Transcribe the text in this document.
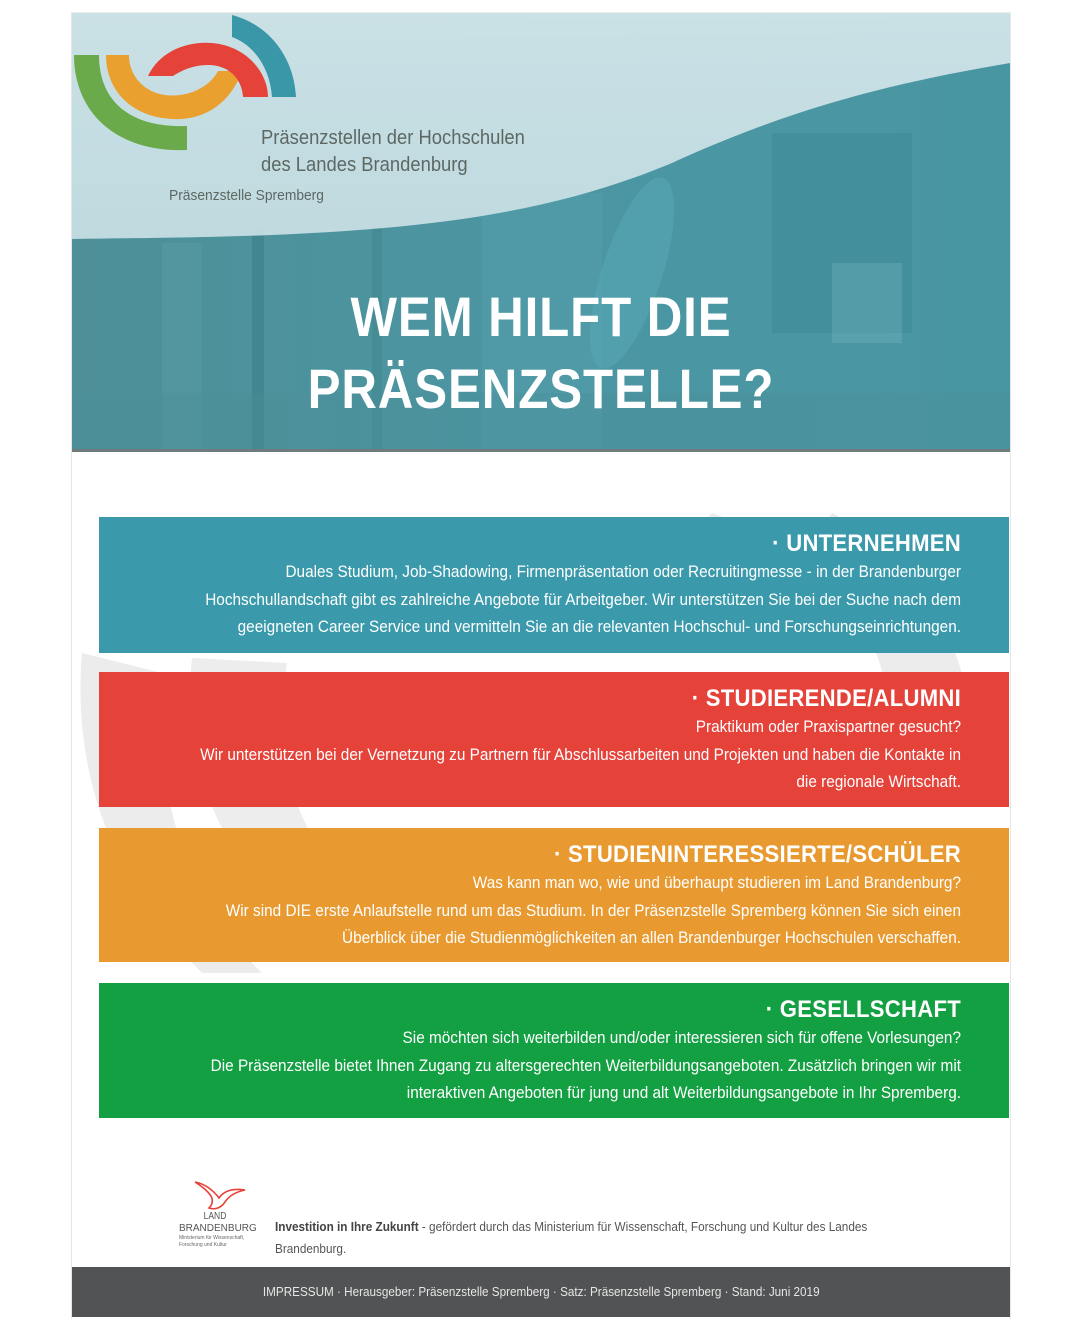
Präsenzstellen der Hochschulen
des Landes Brandenburg
Präsenzstelle Spremberg
WEM HILFT DIE
PRÄSENZSTELLE?
· UNTERNEHMEN

Duales Studium, Job-Shadowing, Firmenpräsentation oder Recruitingmesse - in der Brandenburger
Hochschullandschaft gibt es zahlreiche Angebote für Arbeitgeber. Wir unterstützen Sie bei der Suche nach dem
geeigneten Career Service und vermitteln Sie an die relevanten Hochschul- und Forschungseinrichtungen.

· STUDIERENDE/ALUMNI

Praktikum oder Praxispartner gesucht?
Wir unterstützen bei der Vernetzung zu Partnern für Abschlussarbeiten und Projekten und haben die Kontakte in
die regionale Wirtschaft.

· STUDIENINTERESSIERTE/SCHÜLER

Was kann man wo, wie und überhaupt studieren im Land Brandenburg?
Wir sind DIE erste Anlaufstelle rund um das Studium. In der Präsenzstelle Spremberg können Sie sich einen
Überblick über die Studienmöglichkeiten an allen Brandenburger Hochschulen verschaffen.

· GESELLSCHAFT

Sie möchten sich weiterbilden und/oder interessieren sich für offene Vorlesungen?
Die Präsenzstelle bietet Ihnen Zugang zu altersgerechten Weiterbildungsangeboten. Zusätzlich bringen wir mit
interaktiven Angeboten für jung und alt Weiterbildungsangebote in Ihr Spremberg.

LAND
BRANDENBURG
Ministerium für Wissenschaft,
Forschung und Kultur
Investition in Ihre Zukunft - gefördert durch das Ministerium für Wissenschaft, Forschung und Kultur des Landes Brandenburg.
IMPRESSUM · Herausgeber: Präsenzstelle Spremberg · Satz: Präsenzstelle Spremberg · Stand: Juni 2019
